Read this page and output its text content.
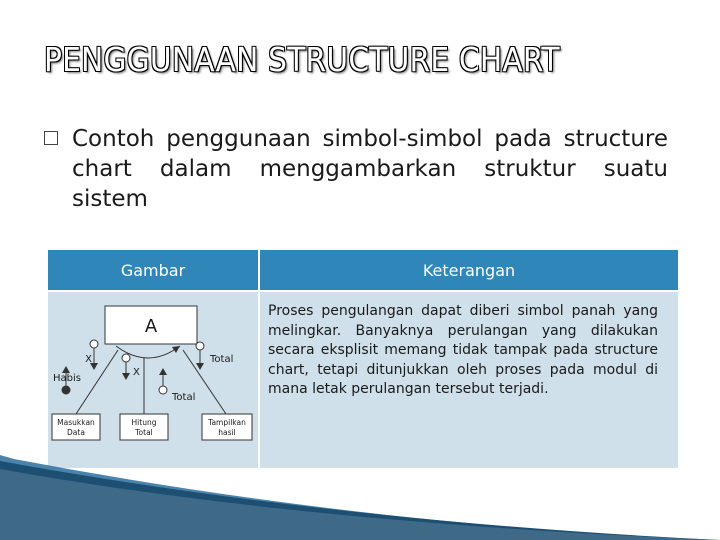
PENGGUNAAN STRUCTURE CHART
Contoh penggunaan simbol-simbol pada structure chart dalam menggambarkan struktur suatu sistem
Gambar	Keterangan
A
X
Habis
X
Total
Total
Masukkan
Data
Hitung
Total
Tampilkan
hasil
Proses pengulangan dapat diberi simbol panah yang melingkar. Banyaknya perulangan yang dilakukan secara eksplisit memang tidak tampak pada structure chart, tetapi ditunjukkan oleh proses pada modul di mana letak perulangan tersebut terjadi.
